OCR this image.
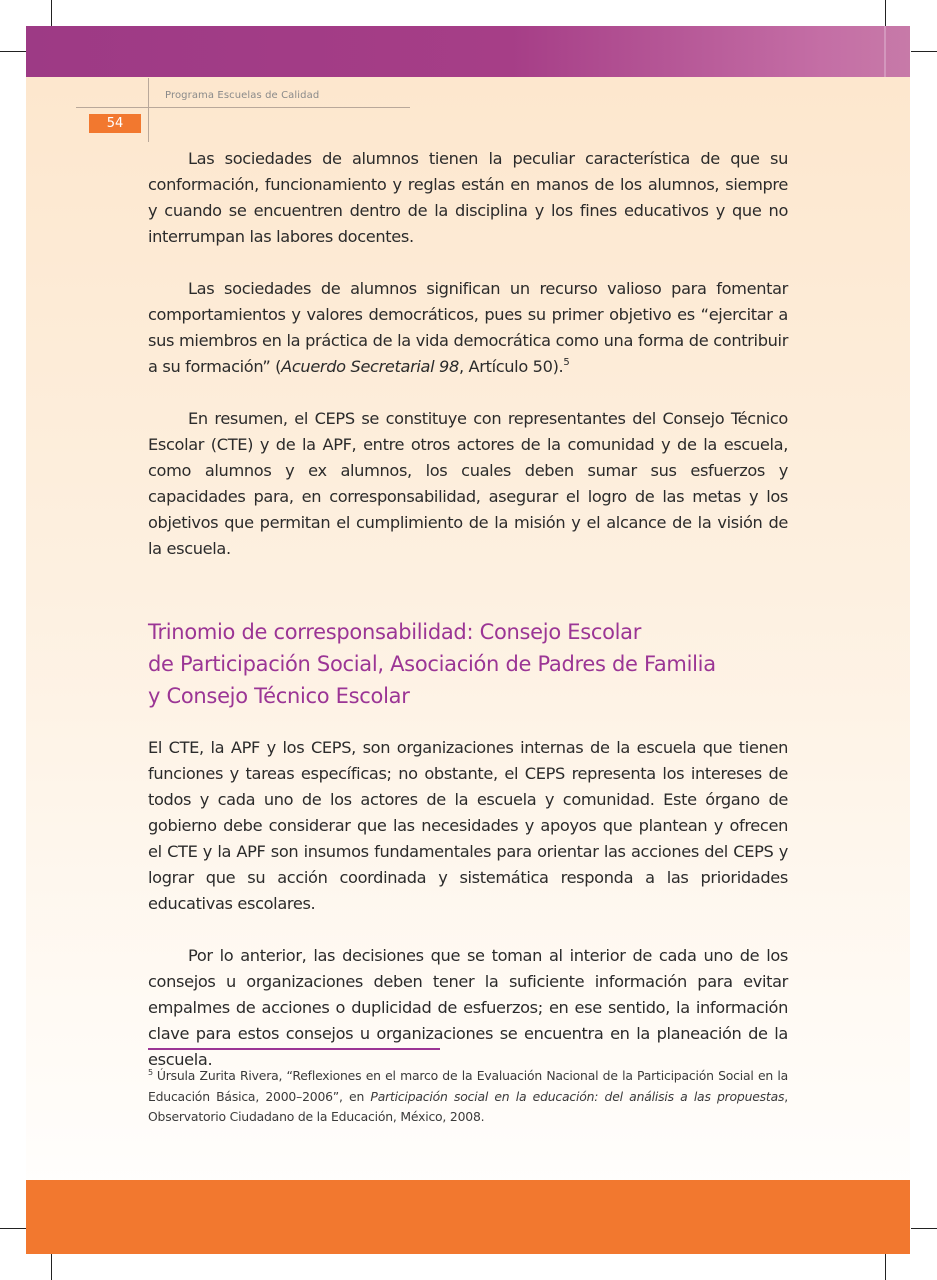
Programa Escuelas de Calidad
54

Las sociedades de alumnos tienen la peculiar característica de que su conformación, funcionamiento y reglas están en manos de los alumnos, siempre y cuando se encuentren dentro de la disciplina y los fines educativos y que no interrumpan las labores docentes.

Las sociedades de alumnos significan un recurso valioso para fomentar comportamientos y valores democráticos, pues su primer objetivo es “ejercitar a sus miembros en la práctica de la vida democrática como una forma de contribuir a su formación” (Acuerdo Secretarial 98, Artículo 50).$^5$

En resumen, el CEPS se constituye con representantes del Consejo Técnico Escolar (CTE) y de la APF, entre otros actores de la comunidad y de la escuela, como alumnos y ex alumnos, los cuales deben sumar sus esfuerzos y capacidades para, en corresponsabilidad, asegurar el logro de las metas y los objetivos que permitan el cumplimiento de la misión y el alcance de la visión de la escuela.

Trinomio de corresponsabilidad: Consejo Escolar
de Participación Social, Asociación de Padres de Familia
y Consejo Técnico Escolar

El CTE, la APF y los CEPS, son organizaciones internas de la escuela que tienen funciones y tareas específicas; no obstante, el CEPS representa los intereses de todos y cada uno de los actores de la escuela y comunidad. Este órgano de gobierno debe considerar que las necesidades y apoyos que plantean y ofrecen el CTE y la APF son insumos fundamentales para orientar las acciones del CEPS y lograr que su acción coordinada y sistemática responda a las prioridades educativas escolares.

Por lo anterior, las decisiones que se toman al interior de cada uno de los consejos u organizaciones deben tener la suficiente información para evitar empalmes de acciones o duplicidad de esfuerzos; en ese sentido, la información clave para estos consejos u organizaciones se encuentra en la planeación de la escuela.

$^5$ Úrsula Zurita Rivera, “Reflexiones en el marco de la Evaluación Nacional de la Participación Social en la Educación Básica, 2000–2006”, en Participación social en la educación: del análisis a las propuestas, Observatorio Ciudadano de la Educación, México, 2008.
